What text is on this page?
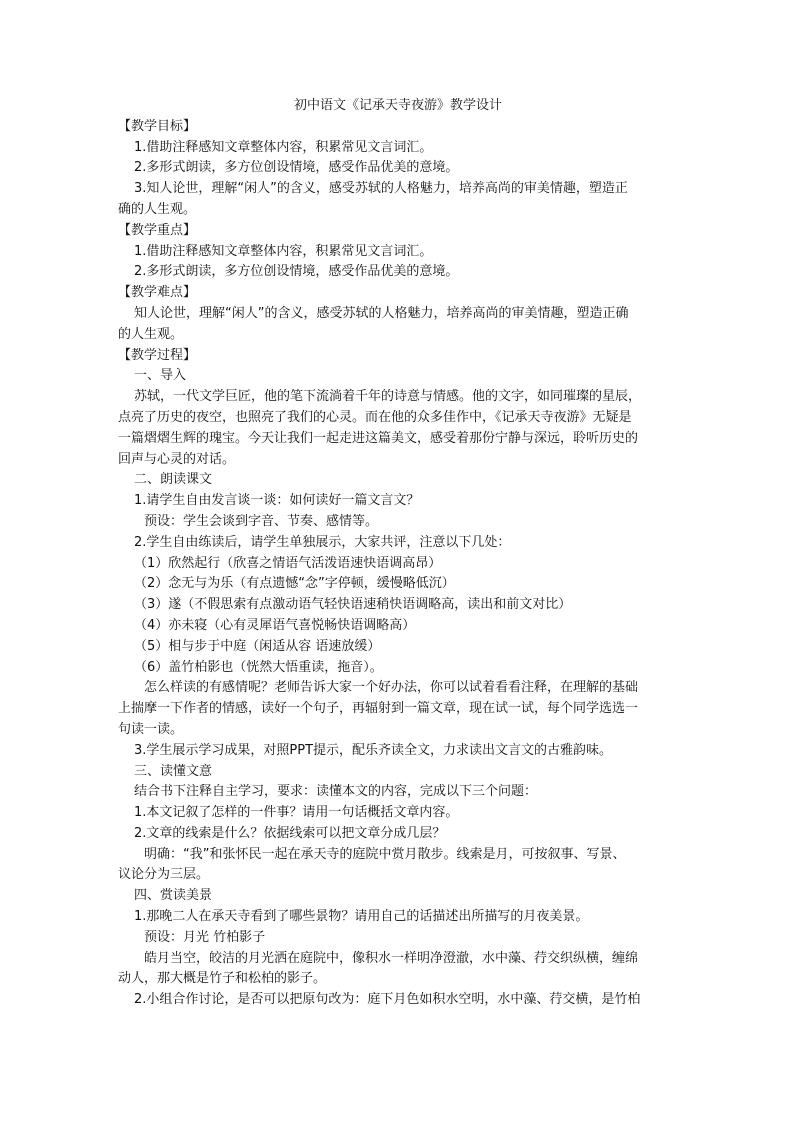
初中语文《记承天寺夜游》教学设计
【教学目标】
1.借助注释感知文章整体内容，积累常见文言词汇。
2.多形式朗读，多方位创设情境，感受作品优美的意境。
3.知人论世，理解“闲人”的含义，感受苏轼的人格魅力，培养高尚的审美情趣，塑造正
确的人生观。
【教学重点】
1.借助注释感知文章整体内容，积累常见文言词汇。
2.多形式朗读，多方位创设情境，感受作品优美的意境。
【教学难点】
知人论世，理解“闲人”的含义，感受苏轼的人格魅力，培养高尚的审美情趣，塑造正确
的人生观。
【教学过程】
一、导入
苏轼，一代文学巨匠，他的笔下流淌着千年的诗意与情感。他的文字，如同璀璨的星辰，
点亮了历史的夜空，也照亮了我们的心灵。而在他的众多佳作中，《记承天寺夜游》无疑是
一篇熠熠生辉的瑰宝。今天让我们一起走进这篇美文，感受着那份宁静与深远，聆听历史的
回声与心灵的对话。
二、朗读课文
1.请学生自由发言谈一谈：如何读好一篇文言文？
预设：学生会谈到字音、节奏、感情等。
2.学生自由练读后，请学生单独展示，大家共评，注意以下几处：
（1）欣然起行（欣喜之情语气活泼语速快语调高昂）
（2）念无与为乐（有点遗憾“念”字停顿，缓慢略低沉）
（3）遂（不假思索有点激动语气轻快语速稍快语调略高，读出和前文对比）
（4）亦未寝（心有灵犀语气喜悦畅快语调略高）
（5）相与步于中庭（闲适从容 语速放缓）
（6）盖竹柏影也（恍然大悟重读，拖音）。
怎么样读的有感情呢？老师告诉大家一个好办法，你可以试着看看注释，在理解的基础
上揣摩一下作者的情感，读好一个句子，再辐射到一篇文章，现在试一试，每个同学选选一
句读一读。
3.学生展示学习成果，对照PPT提示，配乐齐读全文，力求读出文言文的古雅韵味。
三、读懂文意
结合书下注释自主学习，要求：读懂本文的内容，完成以下三个问题：
1.本文记叙了怎样的一件事？请用一句话概括文章内容。
2.文章的线索是什么？依据线索可以把文章分成几层？
明确：“我”和张怀民一起在承天寺的庭院中赏月散步。线索是月，可按叙事、写景、
议论分为三层。
四、赏读美景
1.那晚二人在承天寺看到了哪些景物？请用自己的话描述出所描写的月夜美景。
预设：月光 竹柏影子
皓月当空，皎洁的月光洒在庭院中，像积水一样明净澄澈，水中藻、荇交织纵横，缠绵
动人，那大概是竹子和松柏的影子。
2.小组合作讨论，是否可以把原句改为：庭下月色如积水空明，水中藻、荇交横，是竹柏
